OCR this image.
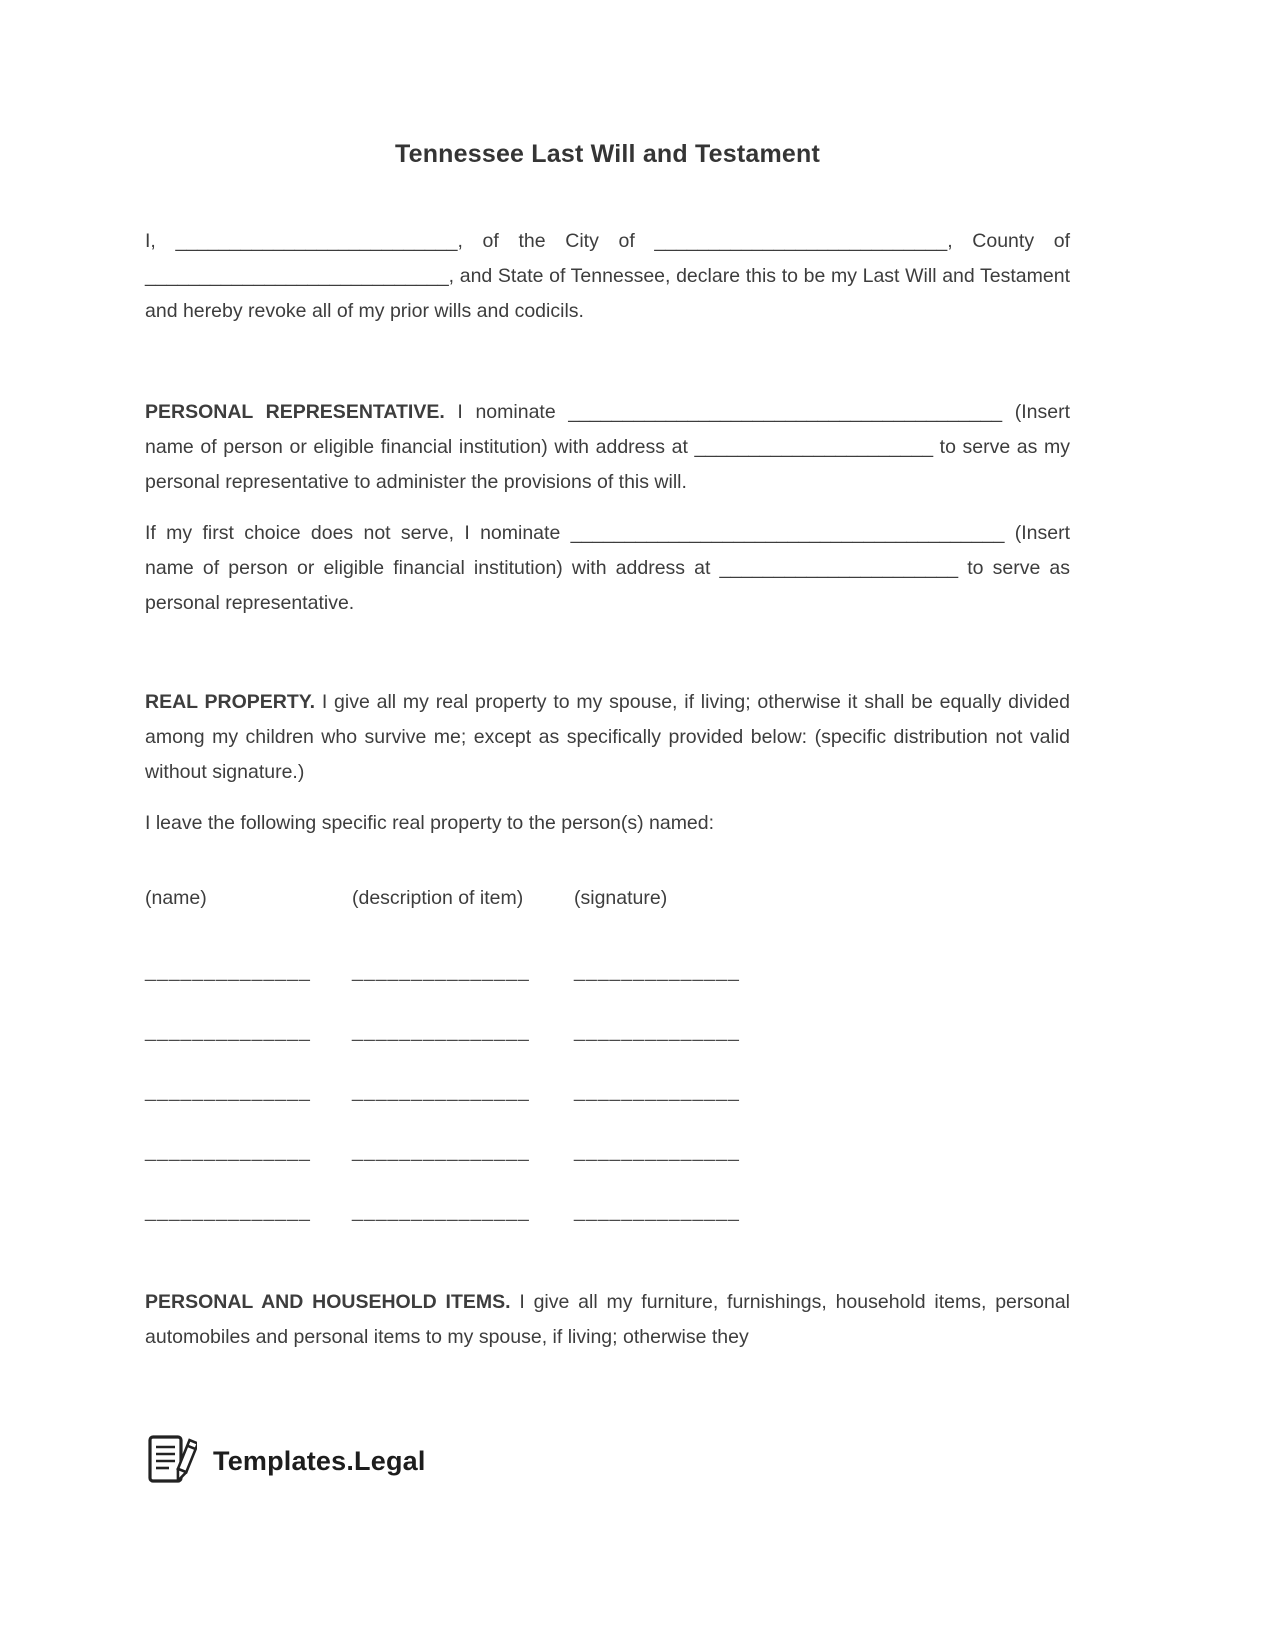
Tennessee Last Will and Testament

I, __________________________, of the City of ___________________________, County of ____________________________, and State of Tennessee, declare this to be my Last Will and Testament and hereby revoke all of my prior wills and codicils.

PERSONAL REPRESENTATIVE. I nominate ________________________________________ (Insert name of person or eligible financial institution) with address at ______________________ to serve as my personal representative to administer the provisions of this will.

If my first choice does not serve, I nominate ________________________________________ (Insert name of person or eligible financial institution) with address at ______________________ to serve as personal representative.

REAL PROPERTY. I give all my real property to my spouse, if living; otherwise it shall be equally divided among my children who survive me; except as specifically provided below: (specific distribution not valid without signature.)

I leave the following specific real property to the person(s) named:

(name)	(description of item)	(signature)
______________	_______________	______________
______________	_______________	______________
______________	_______________	______________
______________	_______________	______________
______________	_______________	______________

PERSONAL AND HOUSEHOLD ITEMS. I give all my furniture, furnishings, household items, personal automobiles and personal items to my spouse, if living; otherwise they

Templates.Legal
